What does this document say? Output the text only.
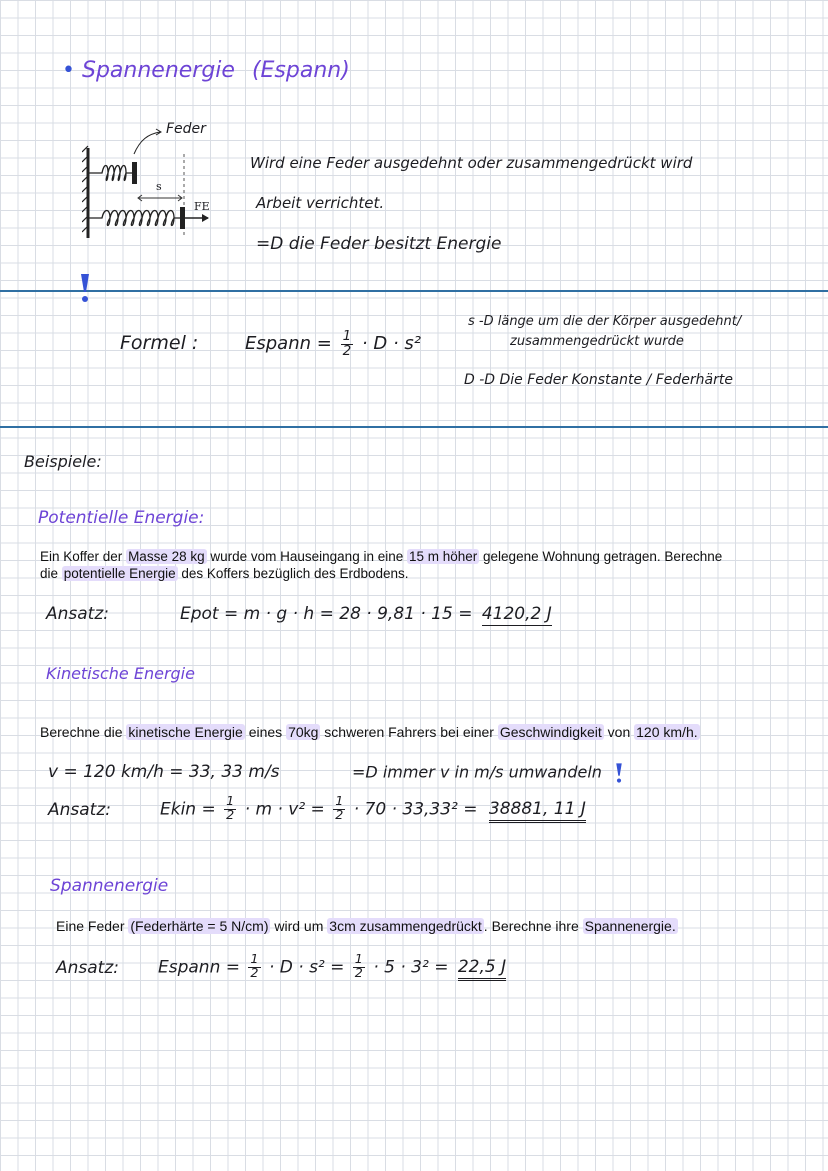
• Spannenergie (Espann)
Feder
s
FE
Wird eine Feder ausgedehnt oder zusammengedrückt wird
Arbeit verrichtet.
=D die Feder besitzt Energie
Formel :	Espann = $\frac{1}{2} \cdot D \cdot s^2$
s -D länge um die der Körper ausgedehnt/
zusammengedrückt wurde
D -D Die Feder Konstante / Federhärte
Beispiele:
Potentielle Energie:
Ein Koffer der Masse 28 kg wurde vom Hauseingang in eine 15 m höher gelegene Wohnung getragen. Berechne
die potentielle Energie des Koffers bezüglich des Erdbodens.
Ansatz:	Epot = m · g · h = 28 · 9,81 · 15 = 4120,2 J
Kinetische Energie
Berechne die kinetische Energie eines 70kg schweren Fahrers bei einer Geschwindigkeit von 120 km/h.
v = 120 km/h = 33, 33 m/s	=D immer v in m/s umwandeln
Ansatz:	Ekin = $\frac{1}{2} \cdot m \cdot v^2 = \frac{1}{2} \cdot 70 \cdot 33,33^2 = 38881$, 11 J
Spannenergie
Eine Feder (Federhärte = 5 N/cm) wird um 3cm zusammengedrückt . Berechne ihre Spannenergie.
Ansatz: Espann = $\frac{1}{2} \cdot D \cdot s^2 = \frac{1}{2} \cdot 5 \cdot 3^2 = 22,5$ J
